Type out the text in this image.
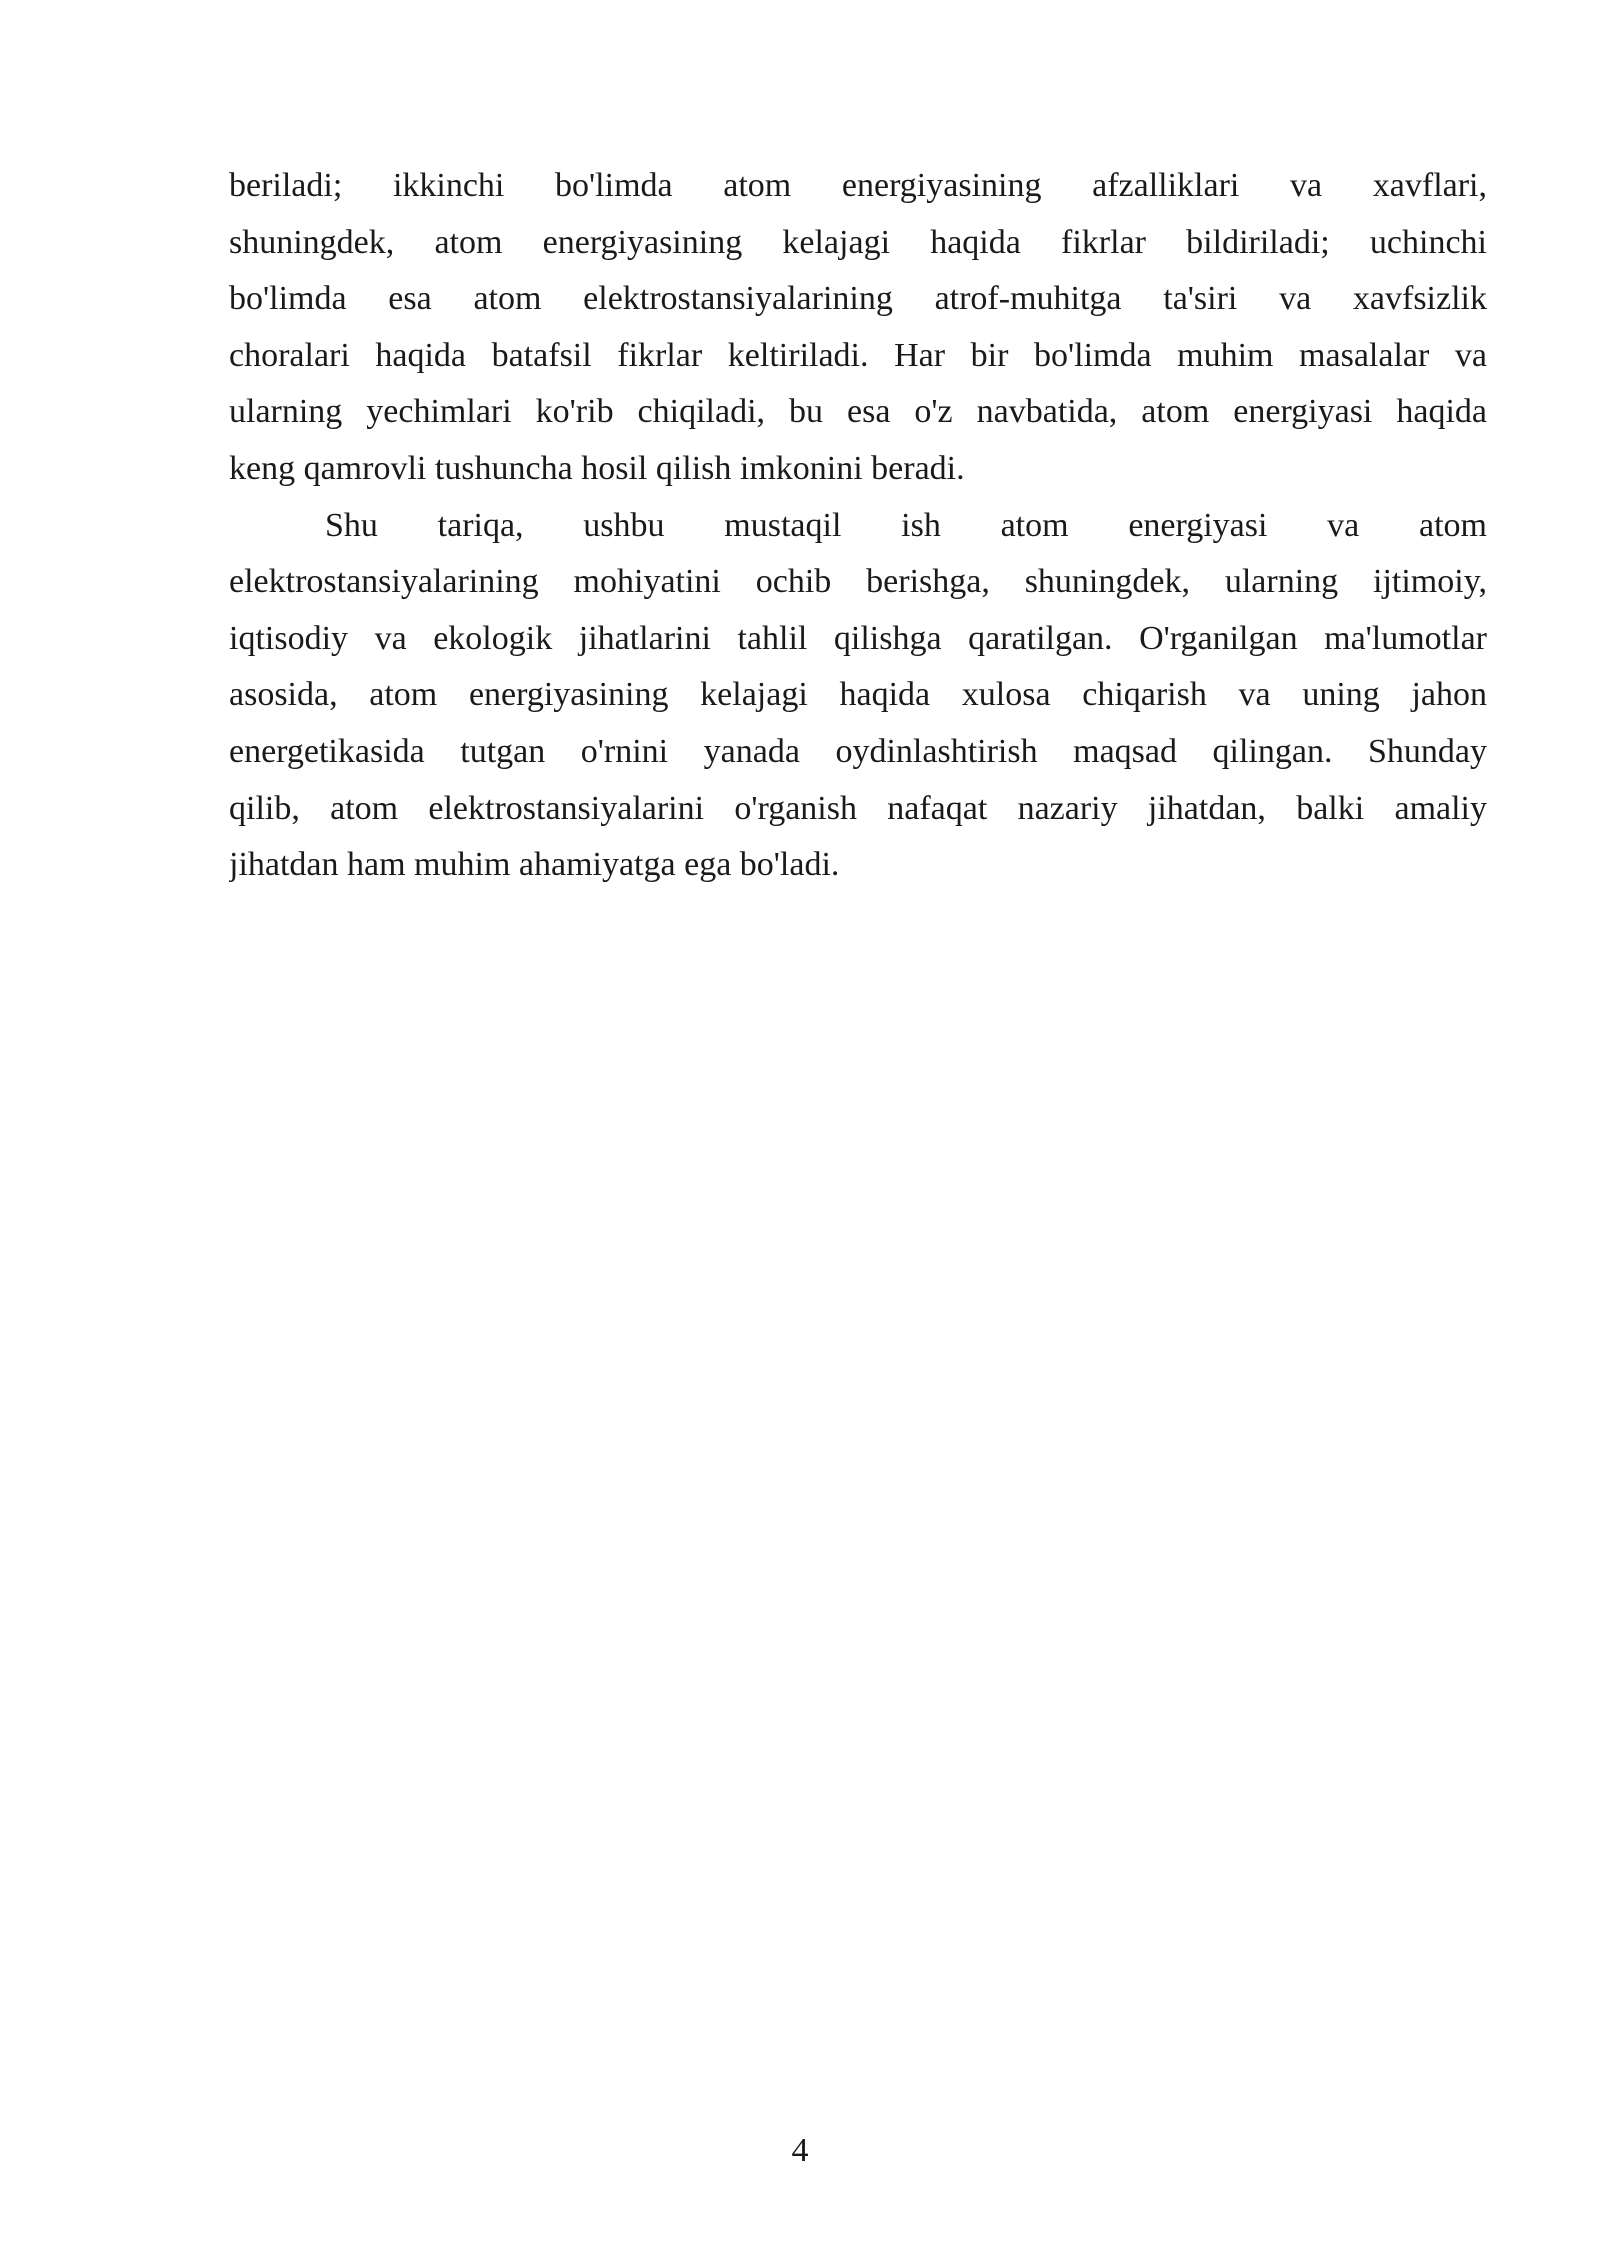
beriladi; ikkinchi bo'limda atom energiyasining afzalliklari va xavflari,
shuningdek, atom energiyasining kelajagi haqida fikrlar bildiriladi; uchinchi
bo'limda esa atom elektrostansiyalarining atrof-muhitga ta'siri va xavfsizlik
choralari haqida batafsil fikrlar keltiriladi. Har bir bo'limda muhim masalalar va
ularning yechimlari ko'rib chiqiladi, bu esa o'z navbatida, atom energiyasi haqida
keng qamrovli tushuncha hosil qilish imkonini beradi.

Shu tariqa, ushbu mustaqil ish atom energiyasi va atom
elektrostansiyalarining mohiyatini ochib berishga, shuningdek, ularning ijtimoiy,
iqtisodiy va ekologik jihatlarini tahlil qilishga qaratilgan. O'rganilgan ma'lumotlar
asosida, atom energiyasining kelajagi haqida xulosa chiqarish va uning jahon
energetikasida tutgan o'rnini yanada oydinlashtirish maqsad qilingan. Shunday
qilib, atom elektrostansiyalarini o'rganish nafaqat nazariy jihatdan, balki amaliy
jihatdan ham muhim ahamiyatga ega bo'ladi.

4
